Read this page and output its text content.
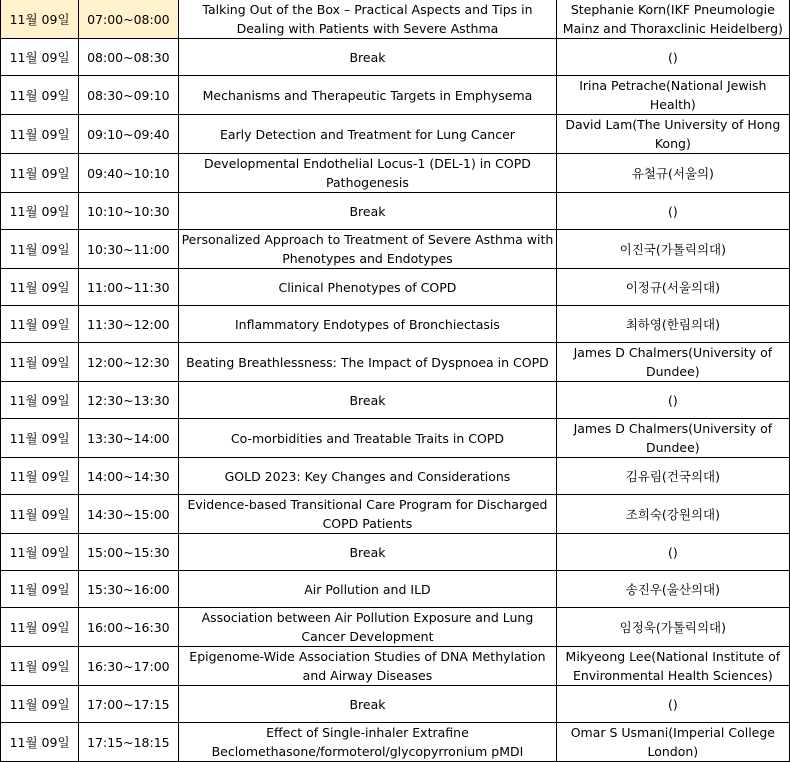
11월 09일	07:00~08:00	Talking Out of the Box – Practical Aspects and Tips in Dealing with Patients with Severe Asthma	Stephanie Korn(IKF Pneumologie Mainz and Thoraxclinic Heidelberg)
11월 09일	08:00~08:30	Break	()
11월 09일	08:30~09:10	Mechanisms and Therapeutic Targets in Emphysema	Irina Petrache(National Jewish Health)
11월 09일	09:10~09:40	Early Detection and Treatment for Lung Cancer	David Lam(The University of Hong Kong)
11월 09일	09:40~10:10	Developmental Endothelial Locus-1 (DEL-1) in COPD Pathogenesis	유철규(서울의)
11월 09일	10:10~10:30	Break	()
11월 09일	10:30~11:00	Personalized Approach to Treatment of Severe Asthma with Phenotypes and Endotypes	이진국(가톨릭의대)
11월 09일	11:00~11:30	Clinical Phenotypes of COPD	이정규(서울의대)
11월 09일	11:30~12:00	Inflammatory Endotypes of Bronchiectasis	최하영(한림의대)
11월 09일	12:00~12:30	Beating Breathlessness: The Impact of Dyspnoea in COPD	James D Chalmers(University of Dundee)
11월 09일	12:30~13:30	Break	()
11월 09일	13:30~14:00	Co-morbidities and Treatable Traits in COPD	James D Chalmers(University of Dundee)
11월 09일	14:00~14:30	GOLD 2023: Key Changes and Considerations	김유림(건국의대)
11월 09일	14:30~15:00	Evidence-based Transitional Care Program for Discharged COPD Patients	조희숙(강원의대)
11월 09일	15:00~15:30	Break	()
11월 09일	15:30~16:00	Air Pollution and ILD	송진우(울산의대)
11월 09일	16:00~16:30	Association between Air Pollution Exposure and Lung Cancer Development	임정욱(가톨릭의대)
11월 09일	16:30~17:00	Epigenome-Wide Association Studies of DNA Methylation and Airway Diseases	Mikyeong Lee(National Institute of Environmental Health Sciences)
11월 09일	17:00~17:15	Break	()
11월 09일	17:15~18:15	Effect of Single-inhaler Extrafine Beclomethasone/formoterol/glycopyrronium pMDI	Omar S Usmani(Imperial College London)
